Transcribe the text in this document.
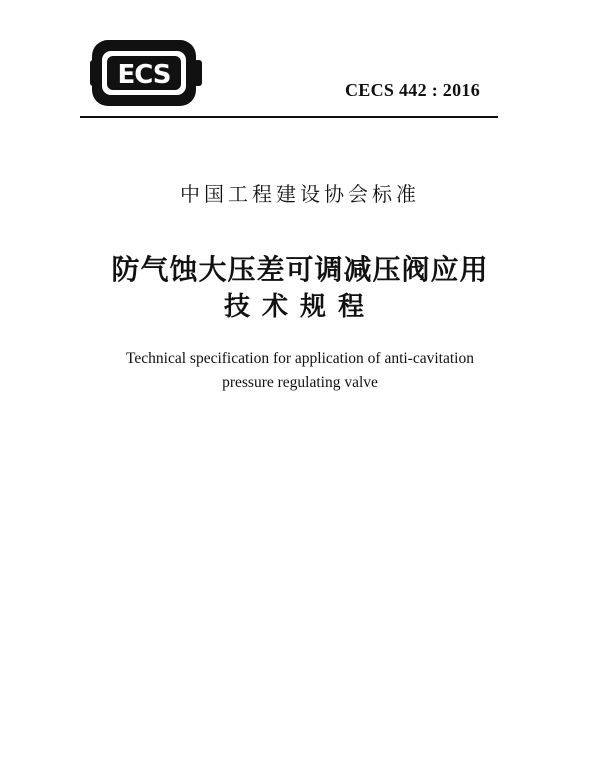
ECS	CECS 442 : 2016
中国工程建设协会标准
防气蚀大压差可调减压阀应用
技术规程
Technical specification for application of anti-cavitation
pressure regulating valve
